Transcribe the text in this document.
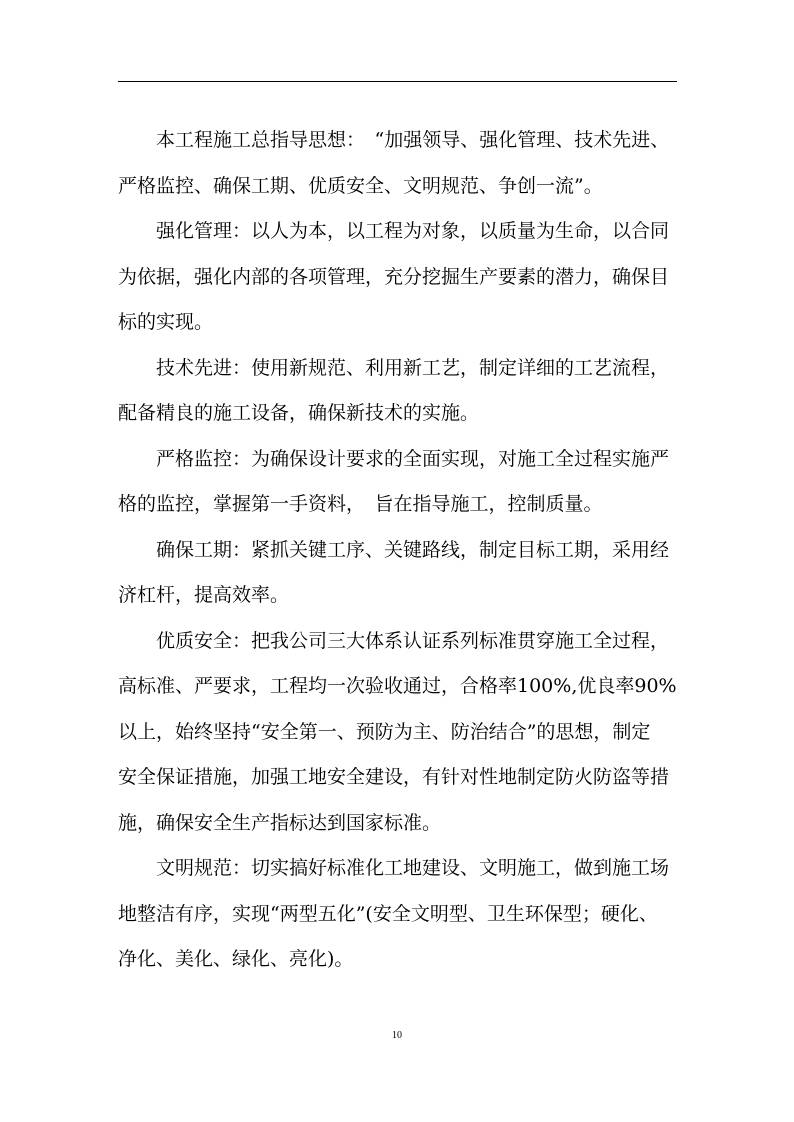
本工程施工总指导思想：　“加强领导、强化管理、技术先进、
严格监控、确保工期、优质安全、文明规范、争创一流”。
强化管理：以人为本，以工程为对象，以质量为生命，以合同
为依据，强化内部的各项管理，充分挖掘生产要素的潜力，确保目
标的实现。
技术先进：使用新规范、利用新工艺，制定详细的工艺流程，
配备精良的施工设备，确保新技术的实施。
严格监控：为确保设计要求的全面实现，对施工全过程实施严
格的监控，掌握第一手资料，　旨在指导施工，控制质量。
确保工期：紧抓关键工序、关键路线，制定目标工期，采用经
济杠杆，提高效率。
优质安全：把我公司三大体系认证系列标准贯穿施工全过程，
高标准、严要求，工程均一次验收通过，合格率100%,优良率90%
以上，始终坚持“安全第一、预防为主、防治结合”的思想，制定
安全保证措施，加强工地安全建设，有针对性地制定防火防盗等措
施，确保安全生产指标达到国家标准。
文明规范：切实搞好标准化工地建设、文明施工，做到施工场
地整洁有序，实现“两型五化”(安全文明型、卫生环保型；硬化、
净化、美化、绿化、亮化)。
10
